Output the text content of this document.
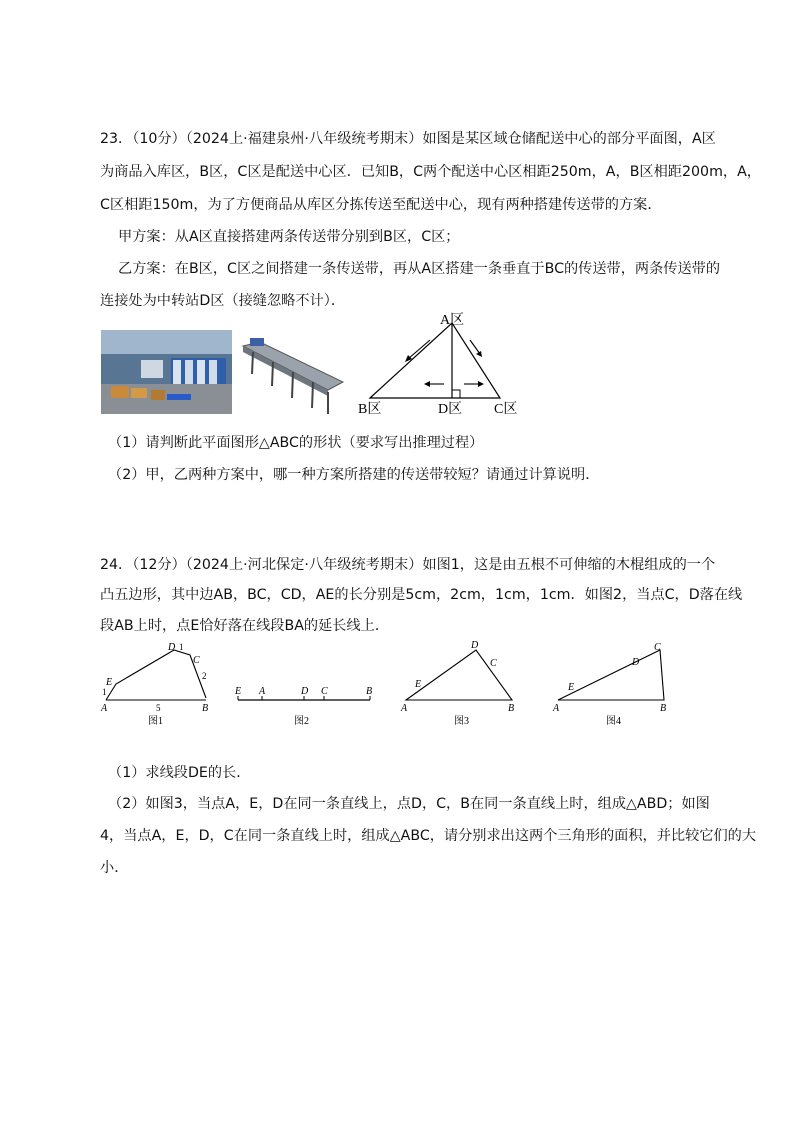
23．（10分）（2024上·福建泉州·八年级统考期末）如图是某区域仓储配送中心的部分平面图，A区
为商品入库区，B区，C区是配送中心区．已知B，C两个配送中心区相距250m，A，B区相距200m，A，
C区相距150m，为了方便商品从库区分拣传送至配送中心，现有两种搭建传送带的方案．
甲方案：从A区直接搭建两条传送带分别到B区，C区；
乙方案：在B区，C区之间搭建一条传送带，再从A区搭建一条垂直于BC的传送带，两条传送带的
连接处为中转站D区（接缝忽略不计）．
A区
B区	D区 C区
（1）请判断此平面图形△ABC的形状（要求写出推理过程）
（2）甲，乙两种方案中，哪一种方案所搭建的传送带较短？请通过计算说明．
24．（12分）（2024上·河北保定·八年级统考期末）如图1，这是由五根不可伸缩的木棍组成的一个
凸五边形，其中边AB，BC，CD，AE的长分别是5cm，2cm，1cm，1cm．如图2，当点C，D落在线
段AB上时，点E恰好落在线段BA的延长线上．
A	B
C
D
E
5
2
1
1
图1
E A	D C	B
图2
A	B
C
D
E
图3
A	B
C
D
E
图4
（1）求线段DE的长．
（2）如图3，当点A，E，D在同一条直线上，点D，C，B在同一条直线上时，组成△ABD；如图
4，当点A，E，D，C在同一条直线上时，组成△ABC，请分别求出这两个三角形的面积，并比较它们的大
小．
